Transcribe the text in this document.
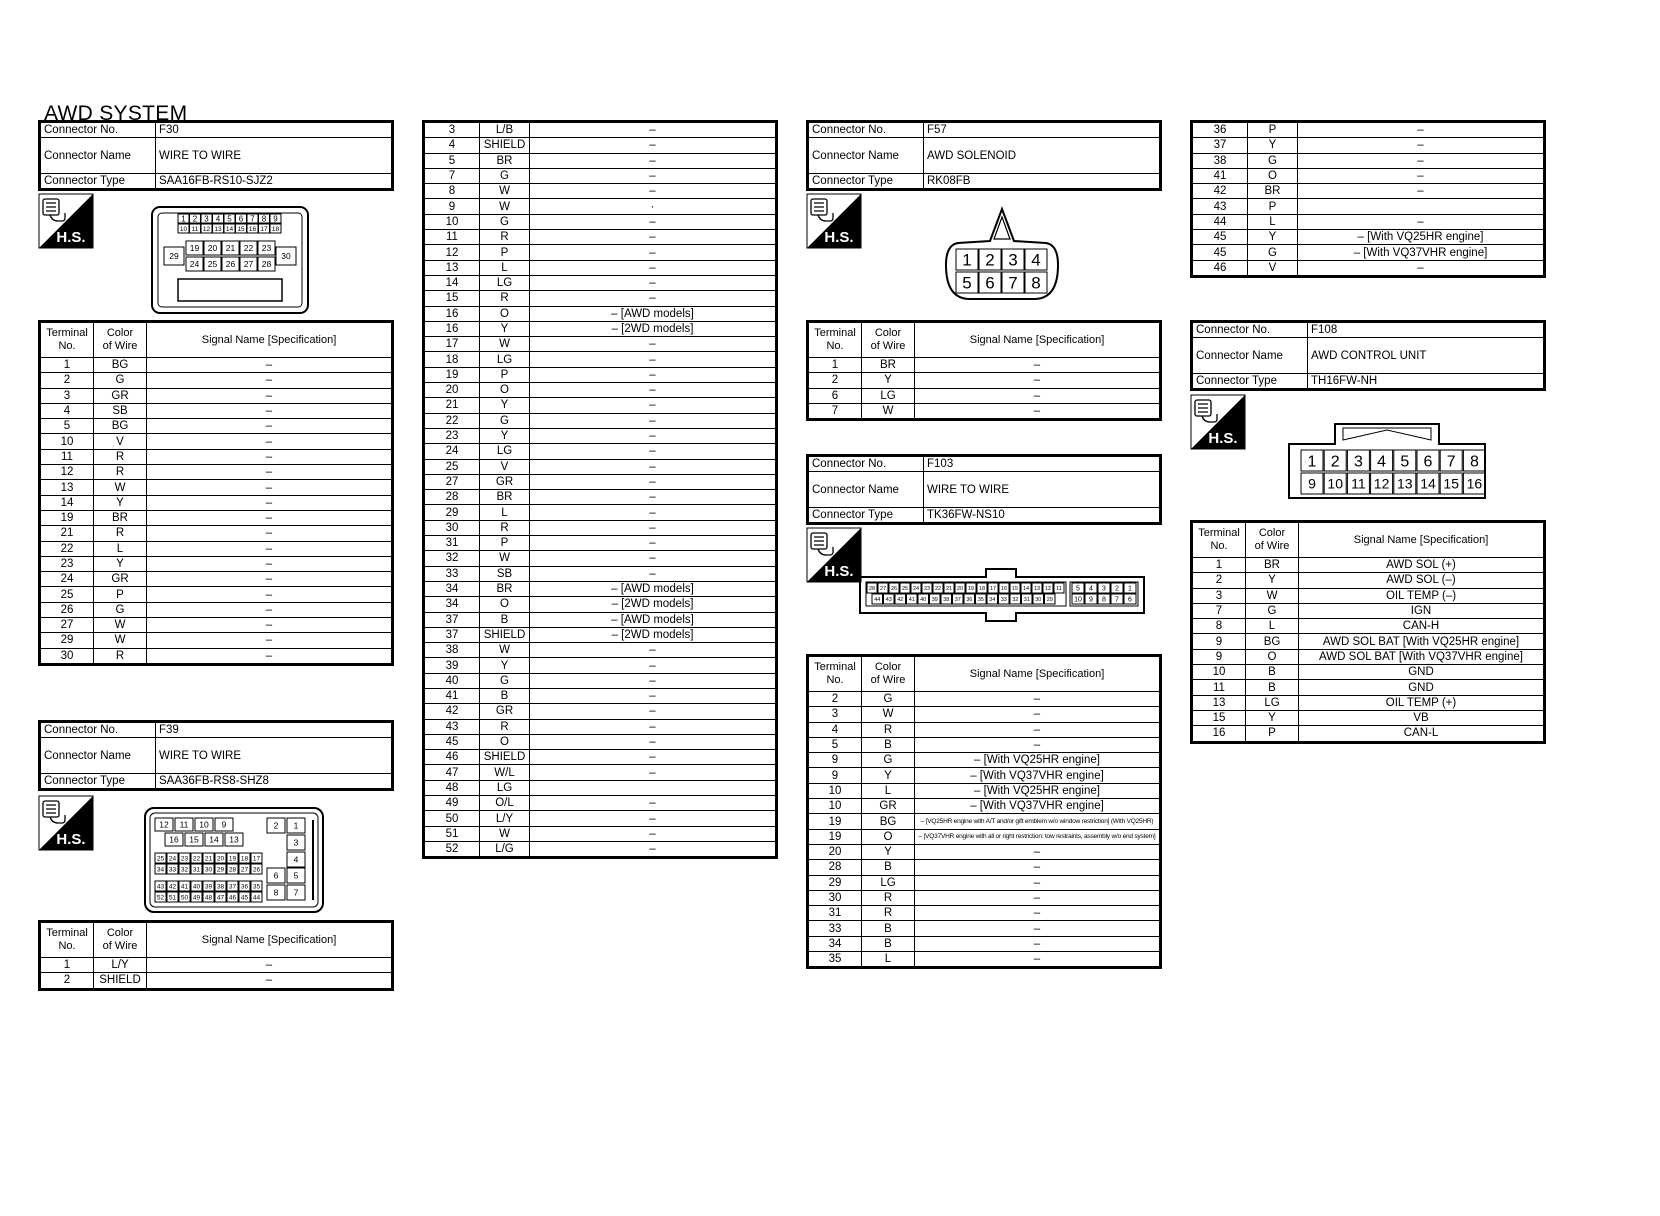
AWD SYSTEM
Connector No.	F30
Connector Name	WIRE TO WIRE
Connector Type	SAA16FB-RS10-SJZ2
H.S.
1 2 3 4 5 6 7 8 9
10 11 12 13 14 15 16 17 18
19 20 21 22 23
24 25 26 27 28
29	30
Terminal
No.	Color
of Wire	Signal Name [Specification]
1	BG	–
2	G	–
3	GR	–
4	SB	–
5	BG	–
10	V	–
11	R	–
12	R	–
13	W	–
14	Y	–
19	BR	–
21	R	–
22	L	–
23	Y	–
24	GR	–
25	P	–
26	G	–
27	W	–
29	W	–
30	R	–
Connector No.	F39
Connector Name	WIRE TO WIRE
Connector Type	SAA36FB-RS8-SHZ8
H.S.
12 11 10 9
16 15 14 13
25 24 23 22 21 20 19 18 17
34 33 32 31 30 29 28 27 26
43 42 41 40 39 38 37 36 35
52 51 50 49 48 47 46 45 44
2 1
3
4
6 5
8 7
Terminal
No.	Color
of Wire	Signal Name [Specification]
1	L/Y	–
2	SHIELD	–
3	L/B	–
4	SHIELD	–
5	BR	–
7	G	–
8	W	–
9	W	·
10	G	–
11	R	–
12	P	–
13	L	–
14	LG	–
15	R	–
16	O	– [AWD models]
16	Y	– [2WD models]
17	W	–
18	LG	–
19	P	–
20	O	–
21	Y	–
22	G	–
23	Y	–
24	LG	–
25	V	–
27	GR	–
28	BR	–
29	L	–
30	R	–
31	P	–
32	W	–
33	SB	–
34	BR	– [AWD models]
34	O	– [2WD models]
37	B	– [AWD models]
37	SHIELD	– [2WD models]
38	W	–
39	Y	–
40	G	–
41	B	–
42	GR	–
43	R	–
45	O	–
46	SHIELD	–
47	W/L	–
48	LG	
49	O/L	–
50	L/Y	–
51	W	–
52	L/G	–
Connector No.	F57
Connector Name	AWD SOLENOID
Connector Type	RK08FB
H.S.
1 2 3 4
5 6 7 8
Terminal
No.	Color
of Wire	Signal Name [Specification]
1	BR	–
2	Y	–
6	LG	–
7	W	–
Connector No.	F103
Connector Name	WIRE TO WIRE
Connector Type	TK36FW-NS10
H.S.
28 27 26 25 24 23 22 21 20 19 18 17 16 15 14 13 12 11
44 43 42 41 40 39 38 37 36 35 34 33 32 31 30 29
5 4 3 2 1
10 9 8 7 6
Terminal
No.	Color
of Wire	Signal Name [Specification]
2	G	–
3	W	–
4	R	–
5	B	–
9	G	– [With VQ25HR engine]
9	Y	– [With VQ37VHR engine]
10	L	– [With VQ25HR engine]
10	GR	– [With VQ37VHR engine]
19	BG	– [VQ25HR engine with A/T and/or gift emblem w/o window restriction] (With VQ25HR)
19	O	– [VQ37VHR engine with all or right restriction: tow restraints, assembly w/o end system]
20	Y	–
28	B	–
29	LG	–
30	R	–
31	R	–
33	B	–
34	B	–
35	L	–
36	P	–
37	Y	–
38	G	–
41	O	–
42	BR	–
43	P	
44	L	–
45	Y	– [With VQ25HR engine]
45	G	– [With VQ37VHR engine]
46	V	–
Connector No.	F108
Connector Name	AWD CONTROL UNIT
Connector Type	TH16FW-NH
H.S.
1 2 3 4 5 6 7 8
9 10 11 12 13 14 15 16
Terminal
No.	Color
of Wire	Signal Name [Specification]
1	BR	AWD SOL (+)
2	Y	AWD SOL (–)
3	W	OIL TEMP (–)
7	G	IGN
8	L	CAN-H
9	BG	AWD SOL BAT [With VQ25HR engine]
9	O	AWD SOL BAT [With VQ37VHR engine]
10	B	GND
11	B	GND
13	LG	OIL TEMP (+)
15	Y	VB
16	P	CAN-L
